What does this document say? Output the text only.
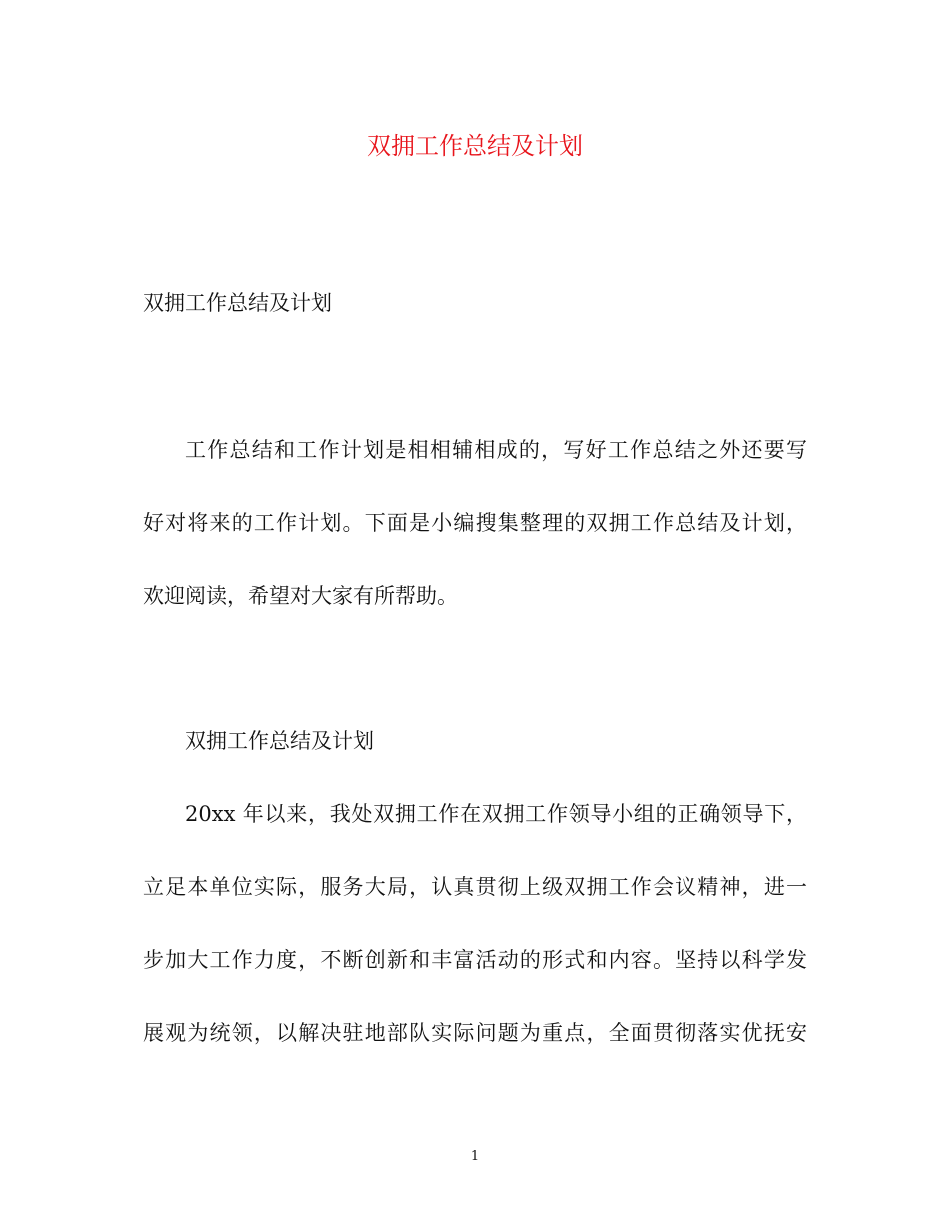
双拥工作总结及计划
双拥工作总结及计划
工作总结和工作计划是相相辅相成的，写好工作总结之外还要写
好对将来的工作计划。下面是小编搜集整理的双拥工作总结及计划，
欢迎阅读，希望对大家有所帮助。
双拥工作总结及计划
20xx 年以来，我处双拥工作在双拥工作领导小组的正确领导下，
立足本单位实际，服务大局，认真贯彻上级双拥工作会议精神，进一
步加大工作力度，不断创新和丰富活动的形式和内容。坚持以科学发
展观为统领，以解决驻地部队实际问题为重点，全面贯彻落实优抚安
1
